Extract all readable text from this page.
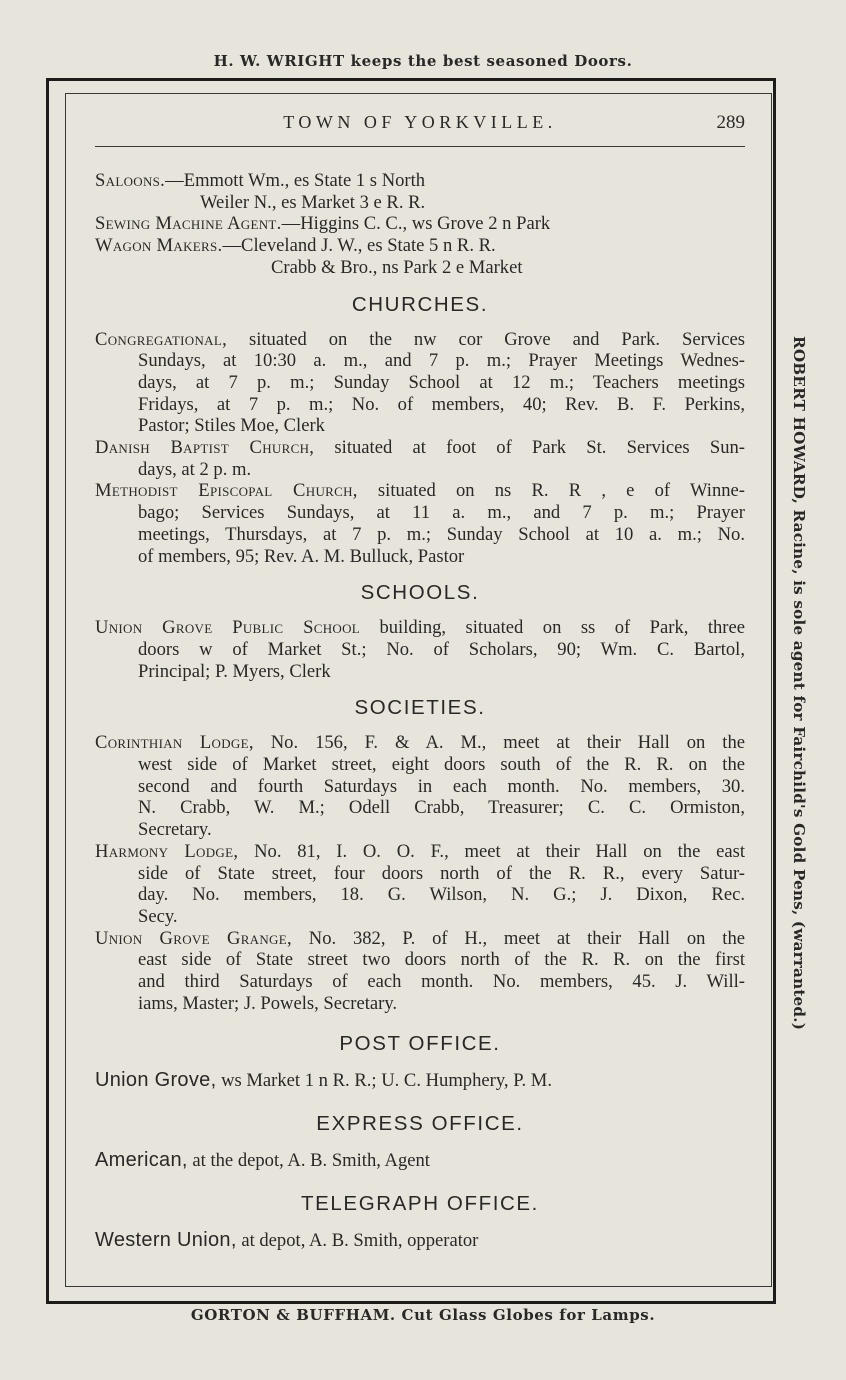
H. W. WRIGHT keeps the best seasoned Doors.
ROBERT HOWARD, Racine, is sole agent for Fairchild's Gold Pens, (warranted.)
TOWN OF YORKVILLE.	289
Saloons.—Emmott Wm., es State 1 s North
Weiler N., es Market 3 e R. R.
Sewing Machine Agent.—Higgins C. C., ws Grove 2 n Park
Wagon Makers.—Cleveland J. W., es State 5 n R. R.
Crabb & Bro., ns Park 2 e Market
CHURCHES.
Congregational, situated on the nw cor Grove and Park. Services
Sundays, at 10:30 a. m., and 7 p. m.; Prayer Meetings Wednes-
days, at 7 p. m.; Sunday School at 12 m.; Teachers meetings
Fridays, at 7 p. m.; No. of members, 40; Rev. B. F. Perkins,
Pastor; Stiles Moe, Clerk
Danish Baptist Church, situated at foot of Park St. Services Sun-
days, at 2 p. m.
Methodist Episcopal Church, situated on ns R. R , e of Winne-
bago; Services Sundays, at 11 a. m., and 7 p. m.; Prayer
meetings, Thursdays, at 7 p. m.; Sunday School at 10 a. m.; No.
of members, 95; Rev. A. M. Bulluck, Pastor
SCHOOLS.
Union Grove Public School building, situated on ss of Park, three
doors w of Market St.; No. of Scholars, 90; Wm. C. Bartol,
Principal; P. Myers, Clerk
SOCIETIES.
Corinthian Lodge, No. 156, F. & A. M., meet at their Hall on the
west side of Market street, eight doors south of the R. R. on the
second and fourth Saturdays in each month. No. members, 30.
N. Crabb, W. M.; Odell Crabb, Treasurer; C. C. Ormiston,
Secretary.
Harmony Lodge, No. 81, I. O. O. F., meet at their Hall on the east
side of State street, four doors north of the R. R., every Satur-
day. No. members, 18. G. Wilson, N. G.; J. Dixon, Rec.
Secy.
Union Grove Grange, No. 382, P. of H., meet at their Hall on the
east side of State street two doors north of the R. R. on the first
and third Saturdays of each month. No. members, 45. J. Will-
iams, Master; J. Powels, Secretary.
POST OFFICE.
Union Grove, ws Market 1 n R. R.; U. C. Humphery, P. M.
EXPRESS OFFICE.
American, at the depot, A. B. Smith, Agent
TELEGRAPH OFFICE.
Western Union, at depot, A. B. Smith, opperator
GORTON & BUFFHAM. Cut Glass Globes for Lamps.
